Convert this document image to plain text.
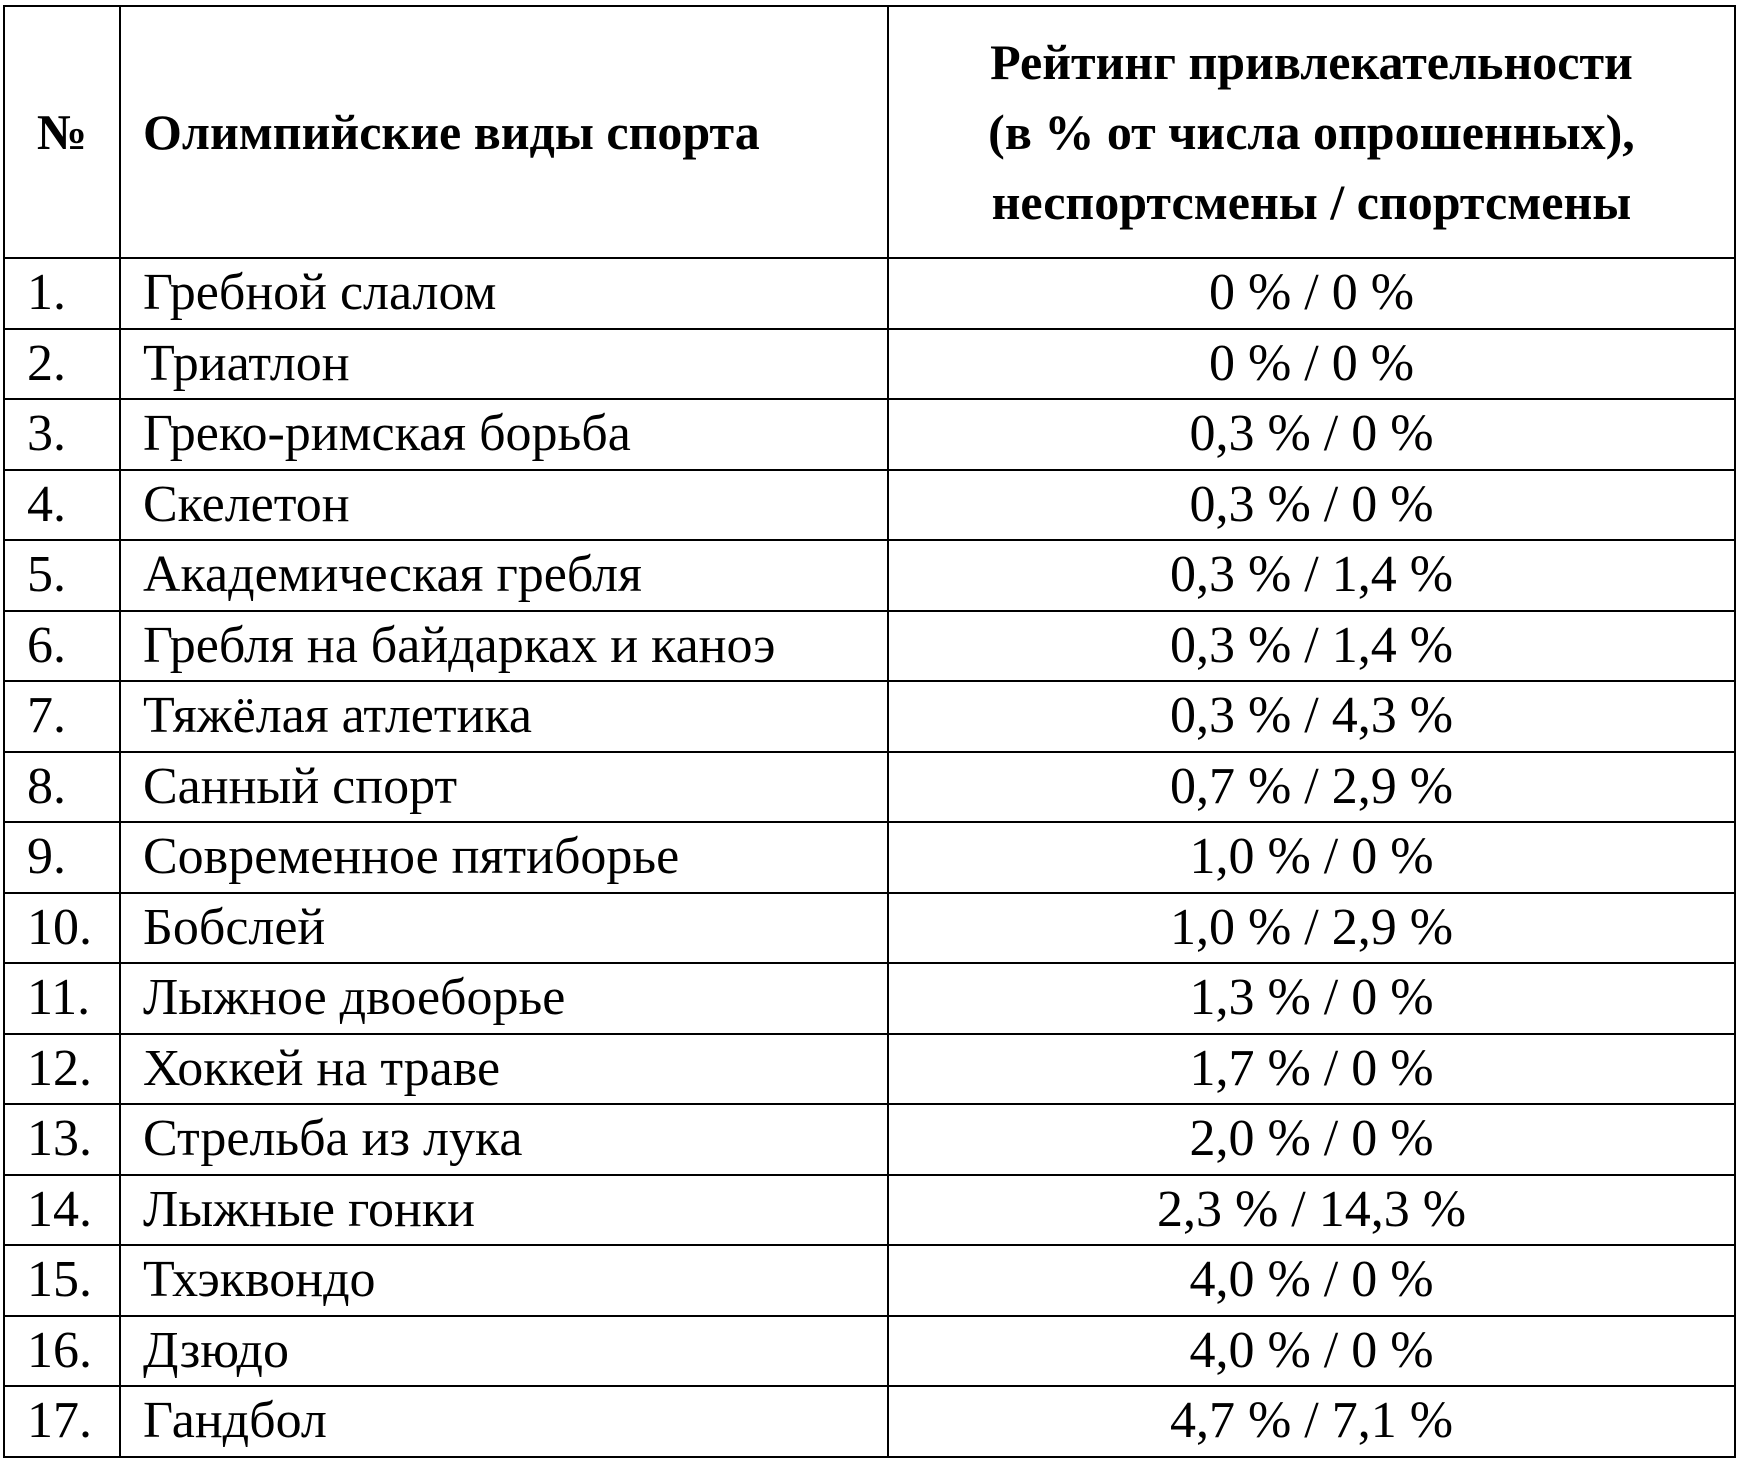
№	Олимпийские виды спорта	Рейтинг привлекательности
(в % от числа опрошенных),
неспортсмены / спортсмены

1.	Гребной слалом	0 % / 0 %
2.	Триатлон	0 % / 0 %
3.	Греко-римская борьба	0,3 % / 0 %
4.	Скелетон	0,3 % / 0 %
5.	Академическая гребля	0,3 % / 1,4 %
6.	Гребля на байдарках и каноэ	0,3 % / 1,4 %
7.	Тяжёлая атлетика	0,3 % / 4,3 %
8.	Санный спорт	0,7 % / 2,9 %
9.	Современное пятиборье	1,0 % / 0 %
10.	Бобслей	1,0 % / 2,9 %
11.	Лыжное двоеборье	1,3 % / 0 %
12.	Хоккей на траве	1,7 % / 0 %
13.	Стрельба из лука	2,0 % / 0 %
14.	Лыжные гонки	2,3 % / 14,3 %
15.	Тхэквондо	4,0 % / 0 %
16.	Дзюдо	4,0 % / 0 %
17.	Гандбол	4,7 % / 7,1 %
